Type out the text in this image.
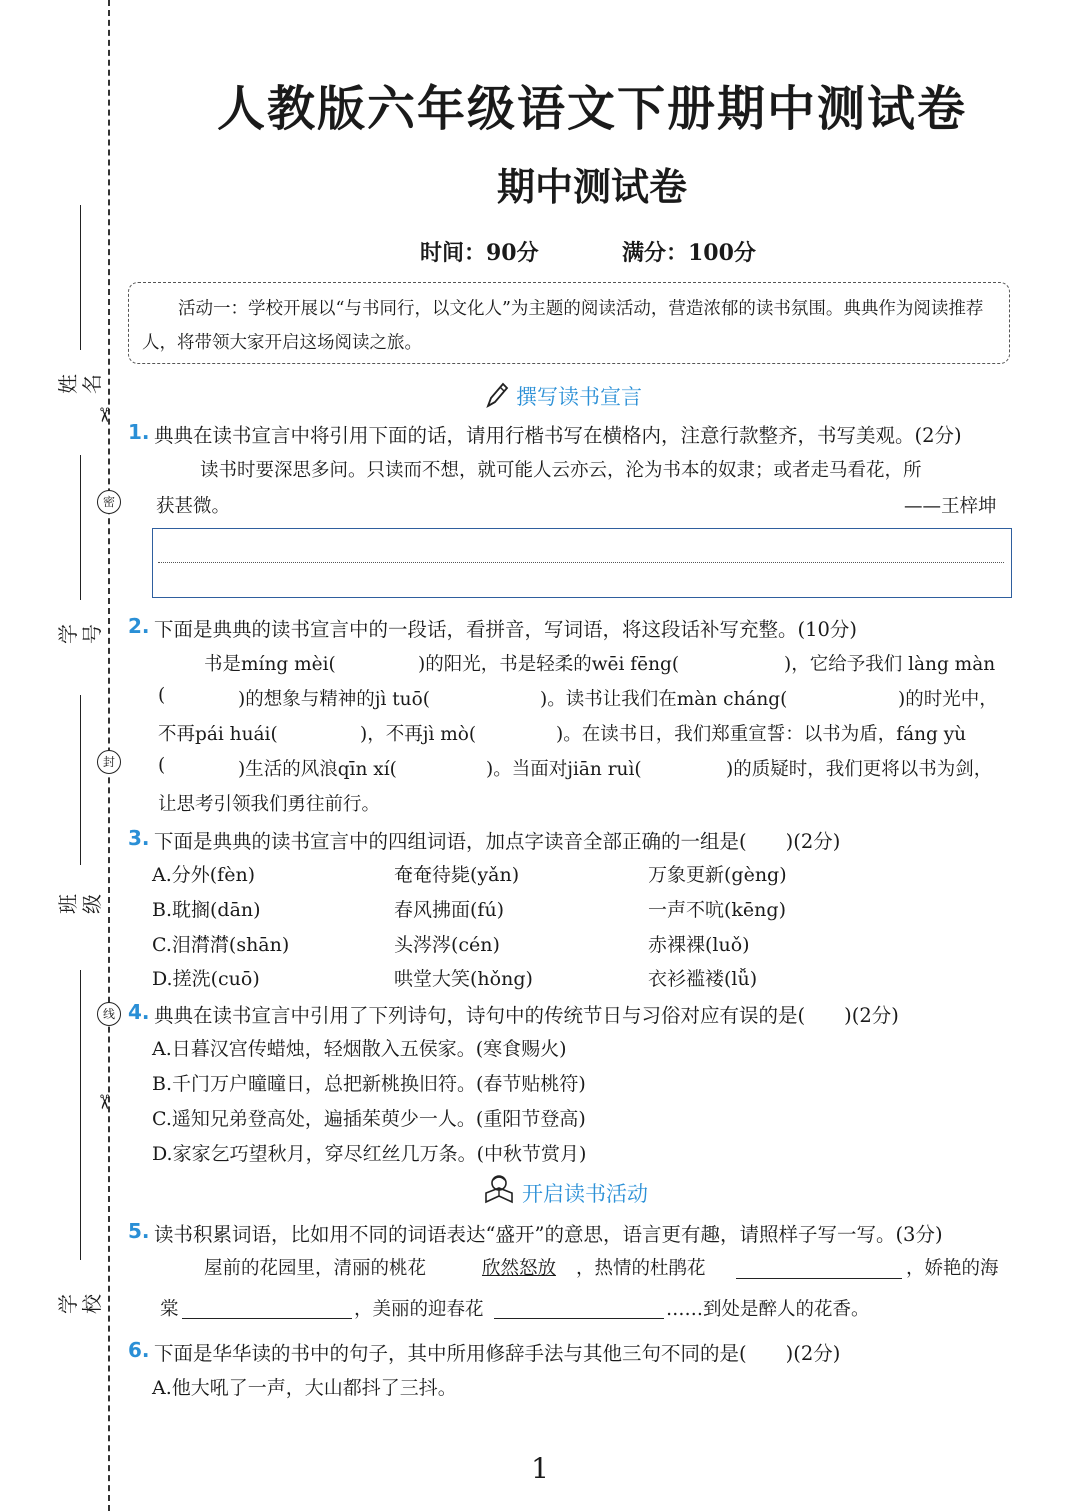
姓名
学号
班级
学校
✂
密
封
线
✂
人教版六年级语文下册期中测试卷
期中测试卷
时间：90分	满分：100分
活动一：学校开展以“与书同行，以文化人”为主题的阅读活动，营造浓郁的读书氛围。典典作为阅读推荐人，将带领大家开启这场阅读之旅。
撰写读书宣言
1. 典典在读书宣言中将引用下面的话，请用行楷书写在横格内，注意行款整齐，书写美观。(2分)
读书时要深思多问。只读而不想，就可能人云亦云，沦为书本的奴隶；或者走马看花，所
获甚微。	——王梓坤
2. 下面是典典的读书宣言中的一段话，看拼音，写词语，将这段话补写充整。(10分)
书是míng mèi(	)的阳光，书是轻柔的wēi fēng(	)，它给予我们 làng màn
(	)的想象与精神的jì tuō(	)。读书让我们在màn cháng(	)的时光中，
不再pái huái(	)，不再jì mò(	)。在读书日，我们郑重宣誓：以书为盾，fáng yù
(	)生活的风浪qīn xí(	)。当面对jiān ruì(	)的质疑时，我们更将以书为剑，
让思考引领我们勇往前行。
3. 下面是典典的读书宣言中的四组词语，加点字读音全部正确的一组是(　　)(2分)
A.分外(fèn)	奄奄待毙(yǎn)	万象更新(gèng)
B.耽搁(dān)	春风拂面(fú)	一声不吭(kēng)
C.泪潸潸(shān)	头涔涔(cén)	赤裸裸(luǒ)
D.搓洗(cuō)	哄堂大笑(hǒng)	衣衫褴褛(lǚ)
4. 典典在读书宣言中引用了下列诗句，诗句中的传统节日与习俗对应有误的是(　　)(2分)
A.日暮汉宫传蜡烛，轻烟散入五侯家。(寒食赐火)
B.千门万户曈曈日，总把新桃换旧符。(春节贴桃符)
C.遥知兄弟登高处，遍插茱萸少一人。(重阳节登高)
D.家家乞巧望秋月，穿尽红丝几万条。(中秋节赏月)
开启读书活动
5. 读书积累词语，比如用不同的词语表达“盛开”的意思，语言更有趣，请照样子写一写。(3分)
屋前的花园里，清丽的桃花	欣然怒放 ，热情的杜鹃花	，娇艳的海
棠	，美丽的迎春花	……到处是醉人的花香。
6. 下面是华华读的书中的句子，其中所用修辞手法与其他三句不同的是(　　)(2分)
A.他大吼了一声，大山都抖了三抖。
1
